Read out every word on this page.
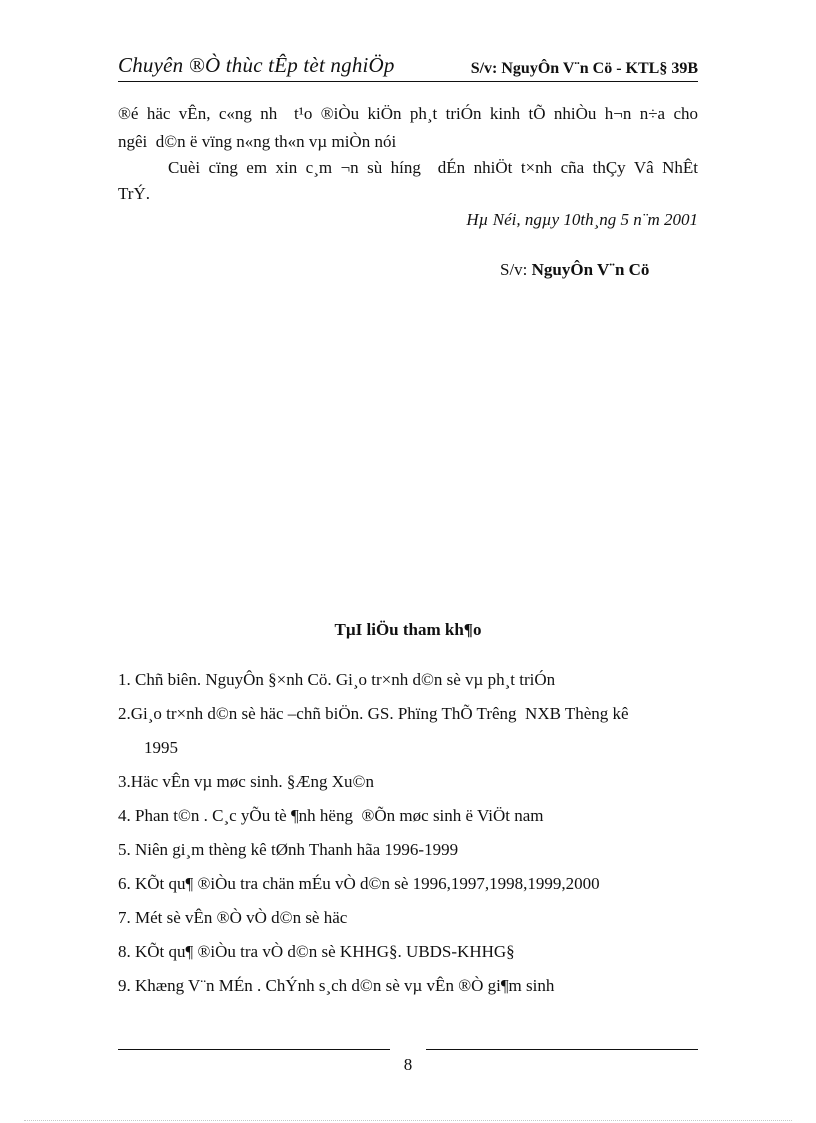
Chuyên ®Ò thùc tÊp tèt nghiÖp	S/v: NguyÔn V¨n Cö - KTL§ 39B
®é häc vÊn, c«ng nh  t¹o ®iÒu kiÖn ph¸t triÓn kinh tÕ nhiÒu h¬n n÷a cho
ngêi  d©n ë vïng n«ng th«n vµ miÒn nói
Cuèi cïng em xin c¸m ¬n sù híng  dÉn nhiÖt t×nh cña thÇy Vâ NhÊt
TrÝ.
Hµ Néi, ngµy 10th¸ng 5 n¨m 2001
S/v: NguyÔn V¨n Cö
TµI liÖu tham kh¶o
1. Chñ biên. NguyÔn §×nh Cö. Gi¸o tr×nh d©n sè vµ ph¸t triÓn
2.Gi¸o tr×nh d©n sè häc –chñ biÖn. GS. Phïng ThÕ Trêng  NXB Thèng kê
1995
3.Häc vÊn vµ møc sinh. §Æng Xu©n
4. Phan t©n . C¸c yÕu tè ¶nh hëng  ®Õn møc sinh ë ViÖt nam
5. Niên gi¸m thèng kê tØnh Thanh hãa 1996-1999
6. KÕt qu¶ ®iÒu tra chän mÉu vÒ d©n sè 1996,1997,1998,1999,2000
7. Mét sè vÊn ®Ò vÒ d©n sè häc
8. KÕt qu¶ ®iÒu tra vÒ d©n sè KHHG§. UBDS-KHHG§
9. Khæng V¨n MÉn . ChÝnh s¸ch d©n sè vµ vÊn ®Ò gi¶m sinh
8
